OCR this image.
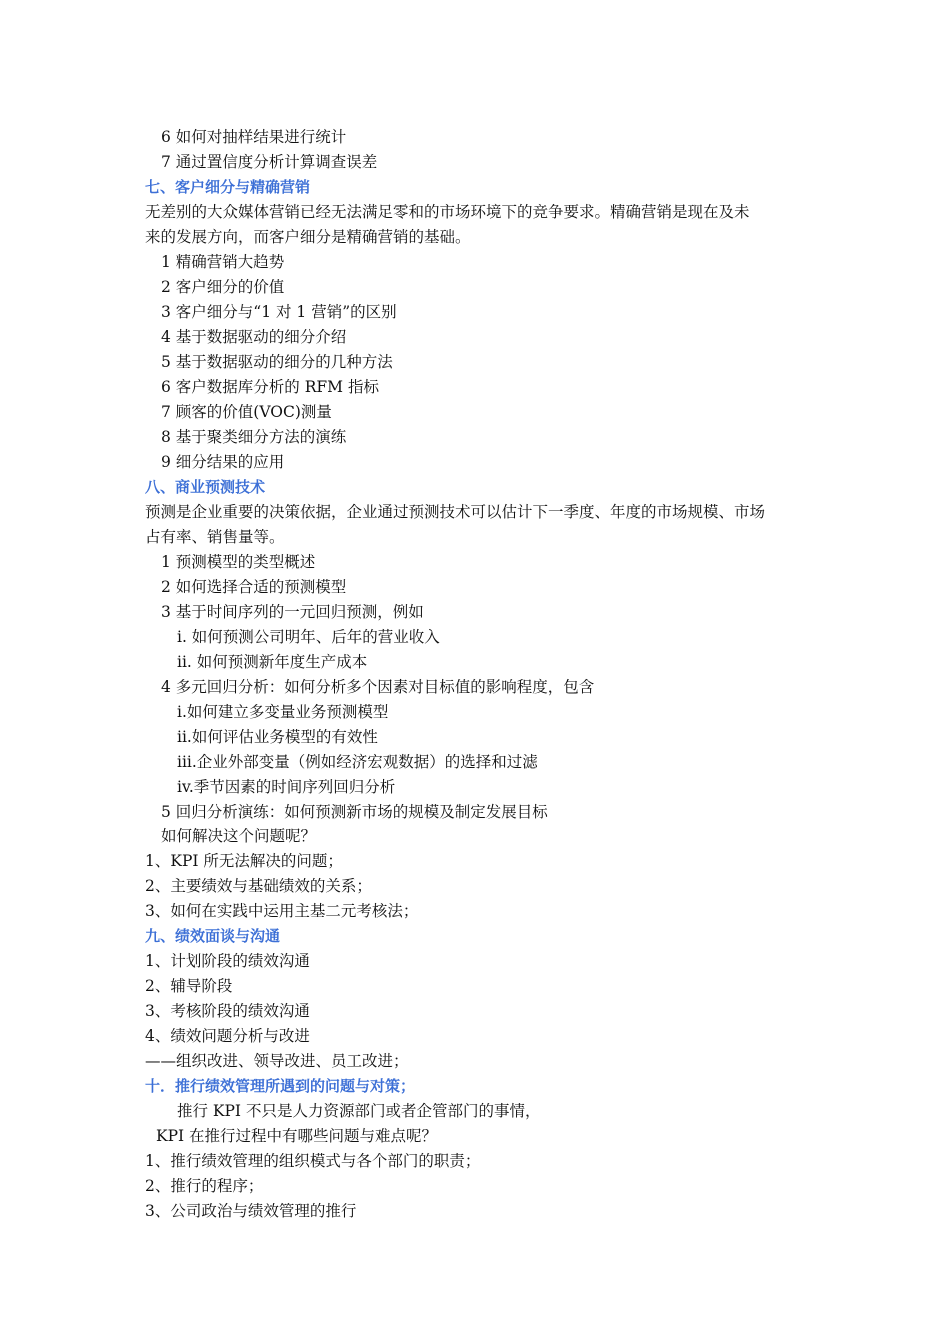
6 如何对抽样结果进行统计
7 通过置信度分析计算调查误差
七、客户细分与精确营销
无差别的大众媒体营销已经无法满足零和的市场环境下的竞争要求。精确营销是现在及未
来的发展方向，而客户细分是精确营销的基础。
1 精确营销大趋势
2 客户细分的价值
3 客户细分与“1 对 1 营销”的区别
4 基于数据驱动的细分介绍
5 基于数据驱动的细分的几种方法
6 客户数据库分析的 RFM 指标
7 顾客的价值(VOC)测量
8 基于聚类细分方法的演练
9 细分结果的应用
八、商业预测技术
预测是企业重要的决策依据，企业通过预测技术可以估计下一季度、年度的市场规模、市场
占有率、销售量等。
1 预测模型的类型概述
2 如何选择合适的预测模型
3 基于时间序列的一元回归预测，例如
i. 如何预测公司明年、后年的营业收入
ii. 如何预测新年度生产成本
4 多元回归分析：如何分析多个因素对目标值的影响程度，包含
i.如何建立多变量业务预测模型
ii.如何评估业务模型的有效性
iii.企业外部变量（例如经济宏观数据）的选择和过滤
iv.季节因素的时间序列回归分析
5 回归分析演练：如何预测新市场的规模及制定发展目标
如何解决这个问题呢？
1、KPI 所无法解决的问题；
2、主要绩效与基础绩效的关系；
3、如何在实践中运用主基二元考核法；
九、绩效面谈与沟通
1、计划阶段的绩效沟通
2、辅导阶段
3、考核阶段的绩效沟通
4、绩效问题分析与改进
——组织改进、领导改进、员工改进；
十．推行绩效管理所遇到的问题与对策；
推行 KPI 不只是人力资源部门或者企管部门的事情，
KPI 在推行过程中有哪些问题与难点呢？
1、推行绩效管理的组织模式与各个部门的职责；
2、推行的程序；
3、公司政治与绩效管理的推行
